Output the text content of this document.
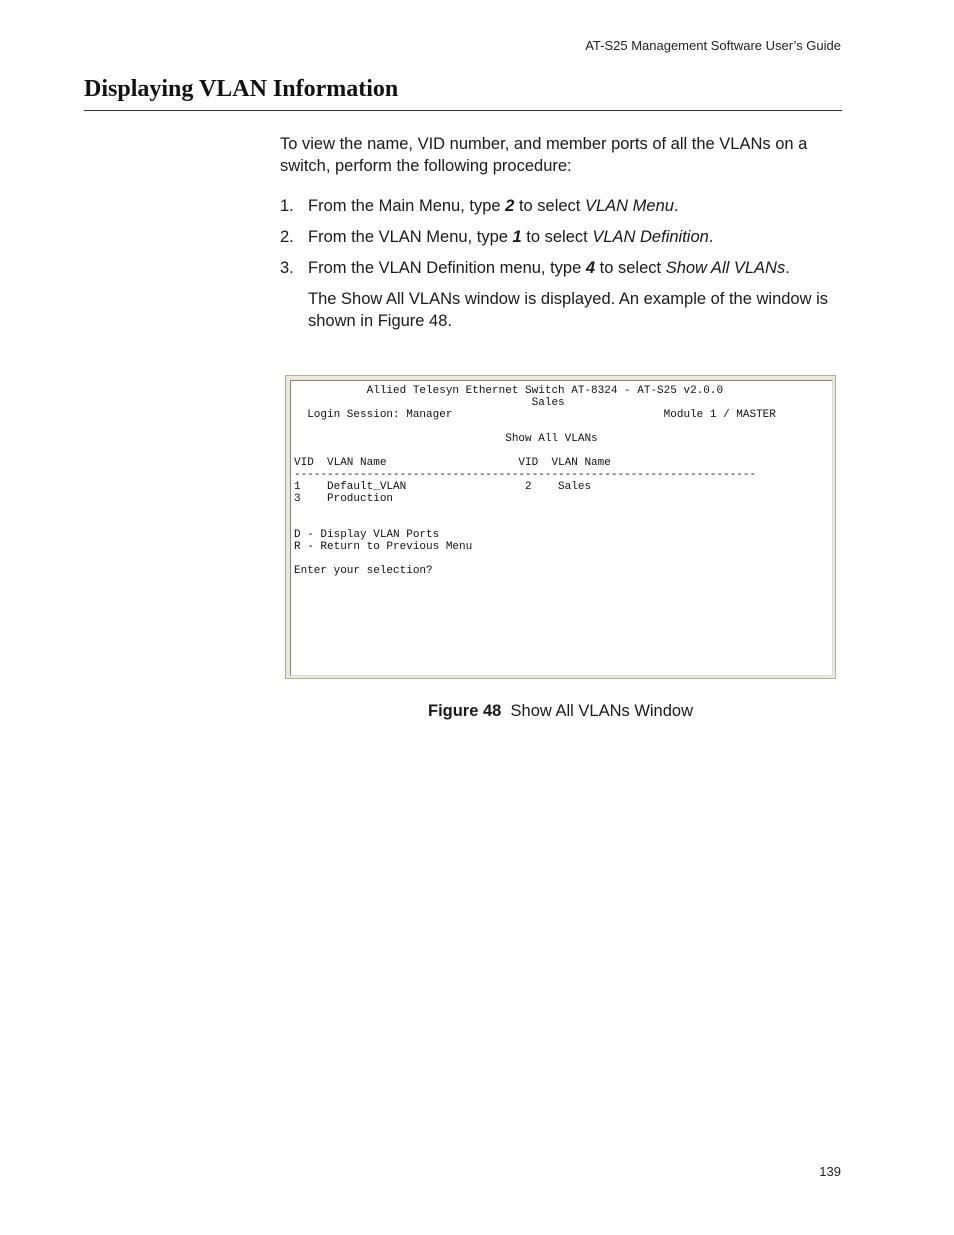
AT-S25 Management Software User’s Guide
Displaying VLAN Information
To view the name, VID number, and member ports of all the VLANs on a switch, perform the following procedure:
1. From the Main Menu, type 2 to select VLAN Menu.
2. From the VLAN Menu, type 1 to select VLAN Definition.
3. From the VLAN Definition menu, type 4 to select Show All VLANs.
The Show All VLANs window is displayed. An example of the window is shown in Figure 48.
Allied Telesyn Ethernet Switch AT-8324 - AT-S25 v2.0.0
Sales
Login Session: Manager                                Module 1 / MASTER

Show All VLANs

VID  VLAN Name                    VID  VLAN Name
----------------------------------------------------------------------
1    Default_VLAN                  2    Sales
3    Production

D - Display VLAN Ports
R - Return to Previous Menu

Enter your selection?

Figure 48 Show All VLANs Window
139
